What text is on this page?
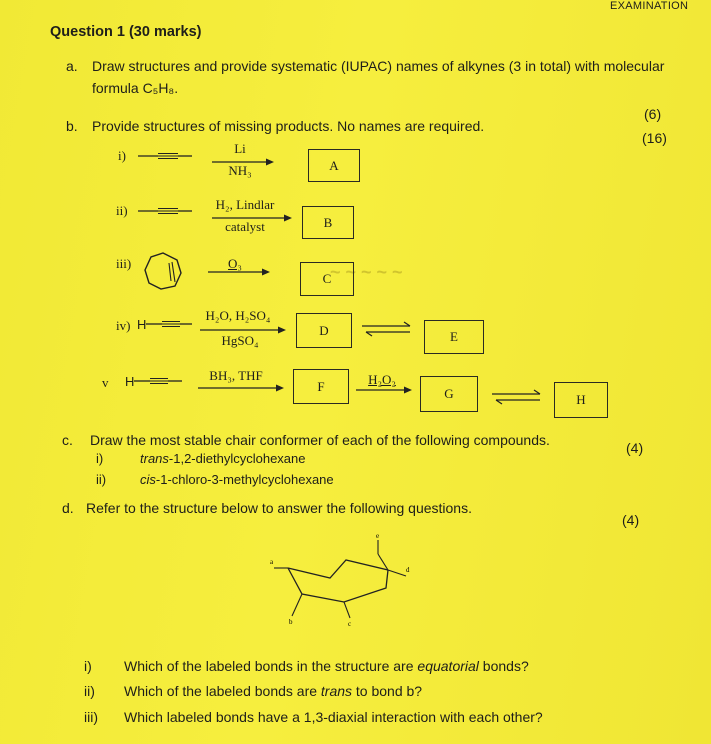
~ ~ ~ ~ ~
EXAMINATION
Question 1 (30 marks)
a. Draw structures and provide systematic (IUPAC) names of alkynes (3 in total) with molecular
formula C₅H₈.
(6)
b. Provide structures of missing products. No names are required.
(16)
i)	Li
NH₃	A
ii)	H₂, Lindlar
catalyst	B
iii)	O₃
C
iv) H
H₂O, H₂SO₄
HgSO₄
D	E
v H	BH₃, THF
F	H₂O₂
G	H
c. Draw the most stable chair conformer of each of the following compounds.	(4)
i)	trans-1,2-diethylcyclohexane
ii)	cis-1-chloro-3-methylcyclohexane
d. Refer to the structure below to answer the following questions.
(4)
a
b	c
d
e
i) Which of the labeled bonds in the structure are equatorial bonds?
ii) Which of the labeled bonds are trans to bond b?
iii) Which labeled bonds have a 1,3-diaxial interaction with each other?
